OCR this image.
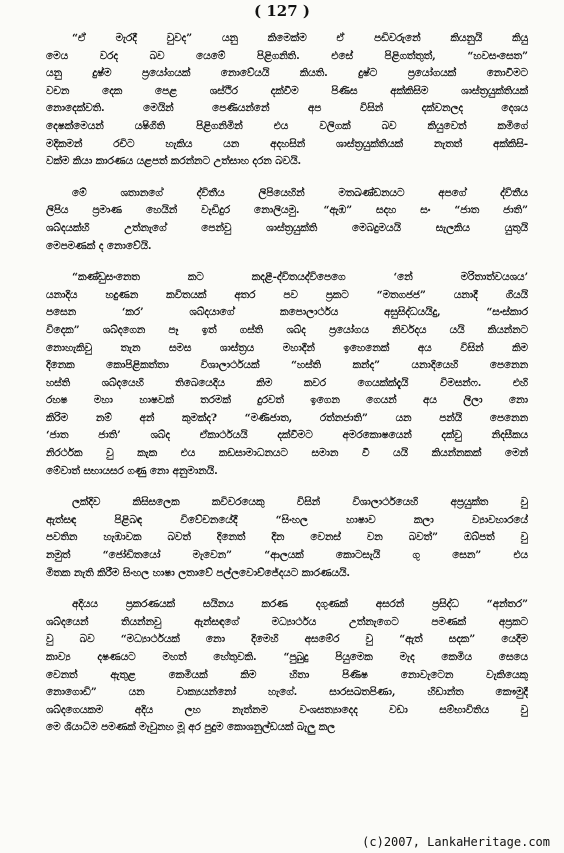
( 127 )
“ඒ මැරදී වුවද” යනු කිමෙක්ම ඒ පඩිවරුනේ කියනුයි කියු
මෙය වරද බව යෙමේ පිළිගනිති. එසේ පිළිගත්තුත්, “හවසංසෙත”
යනු දුෂ්ම ප්‍රයෝගයක් නොවේයයි කියති. දුෂ්ට ප්‍රයෝගයක් නොවීමට
වචන දෙක පෙළ ශස්ථිර දක්වීම පිණිස අක්කිසිම ශාස්ත්‍රයුක්තියක්
නොදෙක්වති. මෙයින් පෙණියන්නේ අප විසින් දක්වනලද දෙශය
දෙෂක්මෙයන් යෂිගිති පිළිගනිමින් එය වලිගක් බව කියුවෙත් කමිගේ
මදිකමන් රචිට හැකිය යන අදහසින් ශාස්ත්‍රයුක්තියක් නැතත් අක්කිසි-
වක්ම කියා කාරණය යළපත් කරන්නට උත්සාහ දරන බවයි.
මේ ශතානගේ ද්විතීය ලිපියෙහින් මතඛණ්ඩනයට අපගේ ද්විතීය
ලිපිය ප්‍රමාණ හෙයින් වැඩිදුර නොලියමු. “ඇඹ” සදහ සං “ජාත ජාති”
ශබ්දයක්හි උත්නැගේ පෙන්වු ශාස්ත්‍රයුක්ති මෙබදුමයයි සැලකිය යුතුයි
මෙපමණක් ද නොවේයි.
“කණ්ඩුසංනෙත කට කදළී-ද්විතයද්විපෙගෙ ‘නේ මරිතාත්වයශය’
යනාදිය හදුණන කවිතයක් අතර පව ප්‍රකට “මතගජජ” යනාදී ගියයි
පසෙන ‘කර’ ශබ්දයාගේ කපොලාර්ථය අසුසිද්ධයයිදු, “සංස්කාර
විදෙක” ශබ්දගෙන පෑ ඉත් ගස්ති ශබ්ද ප්‍රයෝගය නිර්වදය යයි කියන්නට
නොහැකිවු තැන සමස ශාස්ත්‍රය මහාදීන් ඉහෙනෙක් අය විසින් කිම
දිනෙක කොපිළිකත්තා විශාලාර්ථයක් “හස්ති කන්ද” යනාදියෙහි පෙනෙන
හස්ති ශබ්දයෙහි තිබෙයෙදිය කිම කවර ගෙයක්ක්දැයි විමසන්ෆ. එහි
රහෂ මහා හාෂවක් තරමක් දුරවත් ඉගෙන ගෙයන් අය ලිලා නො
කිරිම නම් අන් කුමක්ද? “මණිජාත, රත්නජාති” යන පන්යි පෙනෙන
‘ජාත ජාති’ ශබ්ද ඒකාර්ථයයි දක්වීමට අමරකොෂයෙන් දක්වු නිදසීකය
නිරර්ථක වු කැක එය කඩසාමාධනයට සමාන වී යයි කියන්නකක් මෙන්
මේවාත් සභායසර ගණු නො අනුමානයි.
ලක්දිව කිසිසලෙක කවිවරයෙකු විසින් විශාලාර්ථයෙහි අප්‍රයුක්ත වු
ඇත්සඳ පිළිබඳ විවේචනයේදී “සිංහල හාෂාව කලා ව්‍යාවහාරයේ
පවතින හැඹාවක බවත් දිනෙත් දින වෙනස් වන බවත්” ඔබ්පත් වු
නමුත් “ජෝඩිතයෝ මැවෙන” “ආලයක් කොටසැයි ගු සෙන” එය
මිතක නැති කිරීම සිංහල හාෂා ලතාවේ පල්ලවොච්ජේදයට කාරණයයි.
අදියය ප්‍රකරණයක් සයිනය කරණ දගුණක් අසරන් ප්‍රසිද්ධ “අන්තර”
ශබ්දයෙන් තියන්නවු ඇන්සඳගේ මධ්‍යාර්ථය උත්නැගෙට පමණක් අප්‍රකට
වු බව “මධ්‍යාර්ථයක් නො දිමෙහි අසමේර වු “ඇත් සදක” යෙදීම
කාව්‍ය දෂණයට මහත් හේතුවකි. “පුබුදු පියුමෙක මැද කෙමිය සෙයෙ
වෙනත් ඇතුළ කෙමියක් කිම හිතා පිණිෂ නොවැටෙන වැකියෙකු
නොගොඩි” යන වාක්‍යයන්නෝ හැගේ. සාරසඛතපිණා, හිඩාන්ත කෞමුදී
ශබ්දගෙයකම අදිය ලහ නැත්නම වංශසත්‍යාදෙද වඩා සම්භාවිතිය වු
මෙ ශියාධිම පමණක් මැවුනහ මූ අර පුදුම කොශනුල්ඩයක් බැලු කල
(c)2007, LankaHeritage.com
